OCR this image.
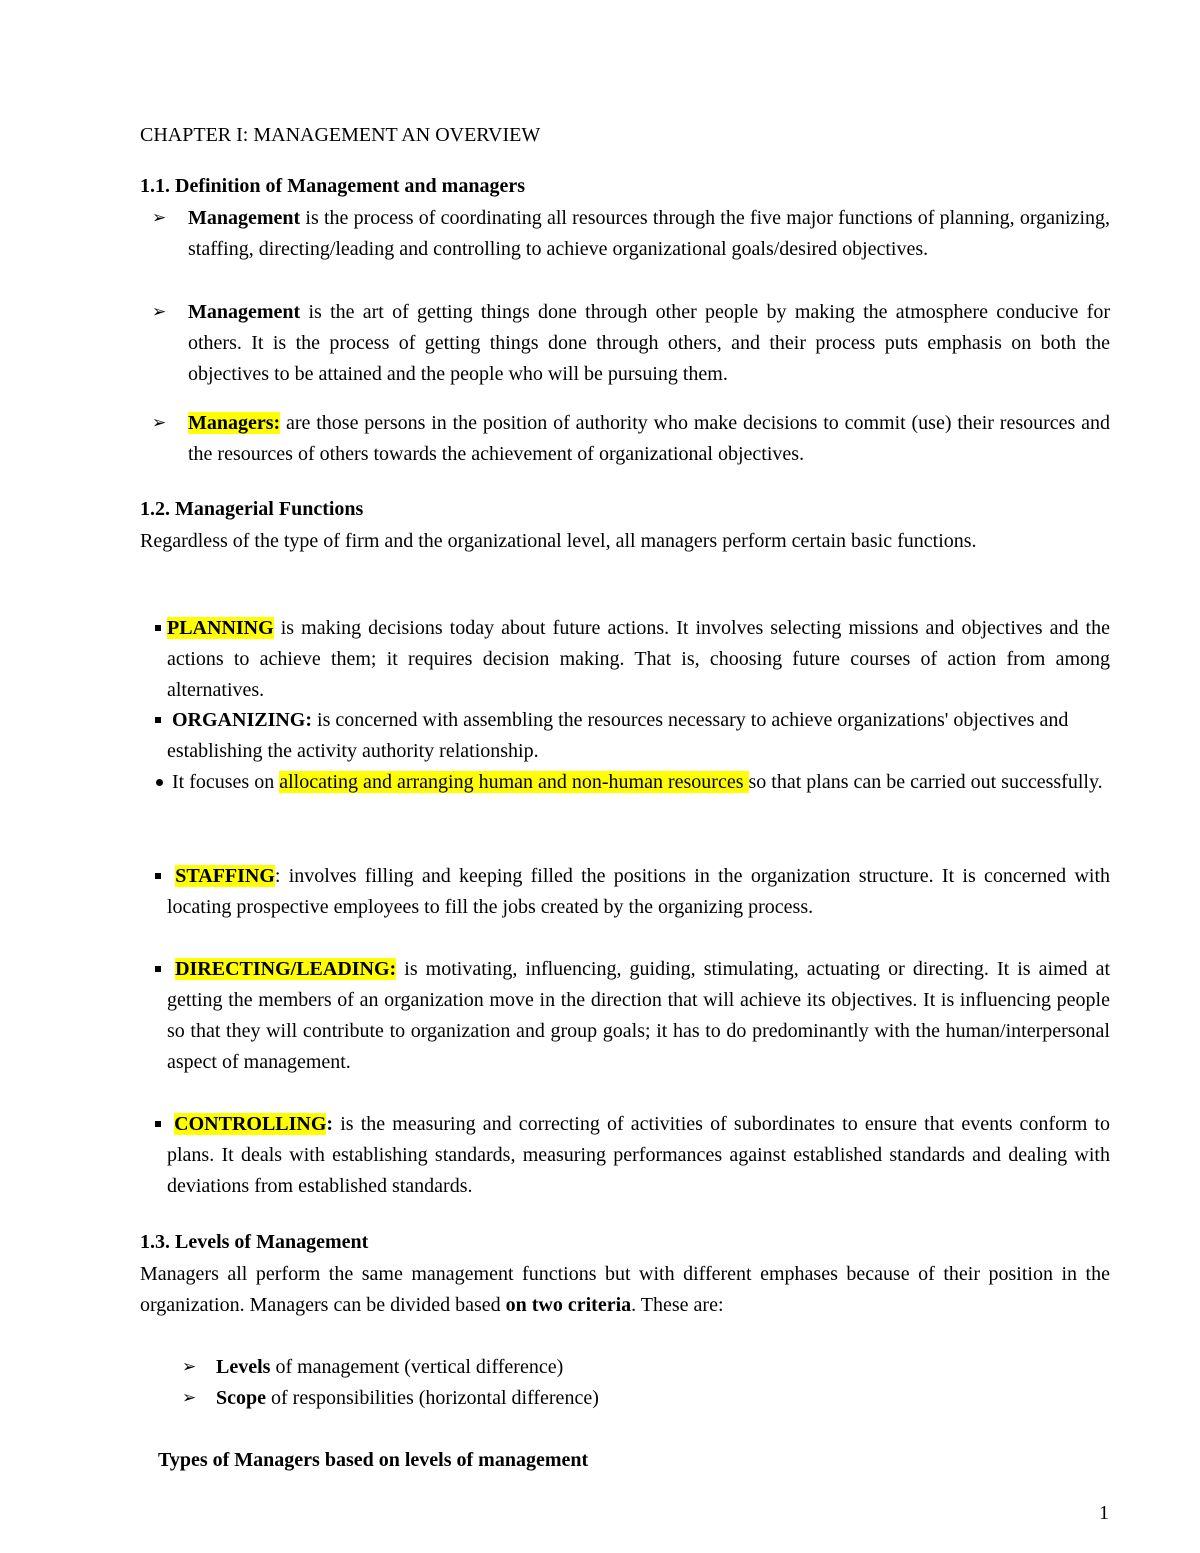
CHAPTER I: MANAGEMENT AN OVERVIEW
1.1. Definition of Management and managers
➢ Management is the process of coordinating all resources through the five major functions of planning, organizing, staffing, directing/leading and controlling to achieve organizational goals/desired objectives.
➢ Management is the art of getting things done through other people by making the atmosphere conducive for others. It is the process of getting things done through others, and their process puts emphasis on both the objectives to be attained and the people who will be pursuing them.
➢ Managers: are those persons in the position of authority who make decisions to commit (use) their resources and the resources of others towards the achievement of organizational objectives.
1.2. Managerial Functions
Regardless of the type of firm and the organizational level, all managers perform certain basic functions.
PLANNING is making decisions today about future actions. It involves selecting missions and objectives and the actions to achieve them; it requires decision making. That is, choosing future courses of action from among alternatives.
ORGANIZING: is concerned with assembling the resources necessary to achieve organizations' objectives and establishing the activity authority relationship.
It focuses on allocating and arranging human and non-human resources so that plans can be carried out successfully.
STAFFING: involves filling and keeping filled the positions in the organization structure. It is concerned with locating prospective employees to fill the jobs created by the organizing process.
DIRECTING/LEADING: is motivating, influencing, guiding, stimulating, actuating or directing. It is aimed at getting the members of an organization move in the direction that will achieve its objectives. It is influencing people so that they will contribute to organization and group goals; it has to do predominantly with the human/interpersonal aspect of management.
CONTROLLING: is the measuring and correcting of activities of subordinates to ensure that events conform to plans. It deals with establishing standards, measuring performances against established standards and dealing with deviations from established standards.
1.3. Levels of Management
Managers all perform the same management functions but with different emphases because of their position in the organization. Managers can be divided based on two criteria. These are:
➢ Levels of management (vertical difference)
➢ Scope of responsibilities (horizontal difference)
Types of Managers based on levels of management
1
